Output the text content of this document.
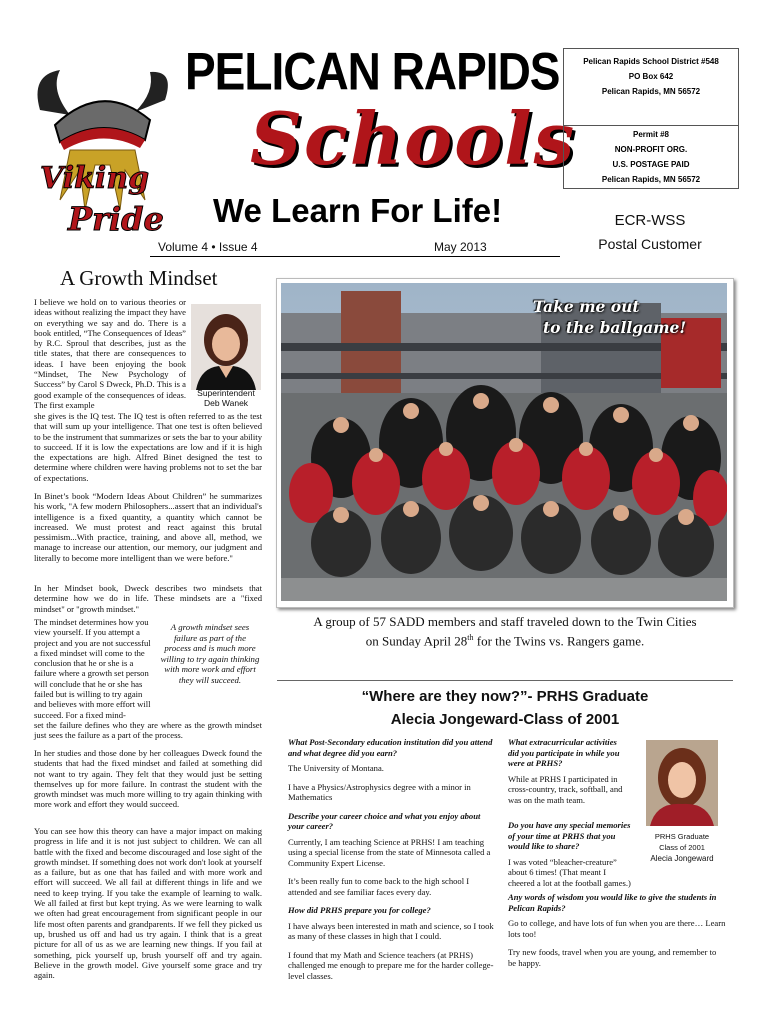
Viking
Pride
PELICAN RAPIDS
Schools
We Learn For Life!
Volume 4 • Issue 4	May 2013
Pelican Rapids School District #548
PO Box 642
Pelican Rapids, MN 56572
Permit #8
NON-PROFIT ORG.
U.S. POSTAGE PAID
Pelican Rapids, MN 56572
ECR-WSS
Postal Customer
A Growth Mindset
I believe we hold on to various theories or ideas without realizing the impact they have on everything we say and do. There is a book entitled, “The Consequences of Ideas” by R.C. Sproul that describes, just as the title states, that there are consequences to ideas. I have been enjoying the book “Mindset, The New Psychology of Success” by Carol S Dweck, Ph.D. This is a good example of the consequences of ideas. The first example
Superintendent
Deb Wanek
she gives is the IQ test. The IQ test is often referred to as the test that will sum up your intelligence. That one test is often believed to be the instrument that summarizes or sets the bar to your ability to succeed. If it is low the expectations are low and if it is high the expectations are high. Alfred Binet designed the test to determine where children were having problems not to set the bar of expectations.
In Binet’s book “Modern Ideas About Children” he summarizes his work, "A few modern Philosophers...assert that an individual's intelligence is a fixed quantity, a quantity which cannot be increased. We must protest and react against this brutal pessimism...With practice, training, and above all, method, we manage to increase our attention, our memory, our judgment and literally to become more intelligent than we were before."
In her Mindset book, Dweck describes two mindsets that determine how we do in life. These mindsets are a "fixed mindset" or "growth mindset."
The mindset determines how you view yourself. If you attempt a project and you are not successful a fixed mindset will come to the conclusion that he or she is a failure where a growth set person will conclude that he or she has failed but is willing to try again and believes with more effort will succeed. For a fixed mind-
A growth mindset sees failure as part of the process and is much more willing to try again thinking with more work and effort they will succeed.
set the failure defines who they are where as the growth mindset just sees the failure as a part of the process.
In her studies and those done by her colleagues Dweck found the students that had the fixed mindset and failed at something did not want to try again. They felt that they would just be setting themselves up for more failure. In contrast the student with the growth mindset was much more willing to try again thinking with more work and effort they would succeed.
You can see how this theory can have a major impact on making progress in life and it is not just subject to children. We can all battle with the fixed and become discouraged and lose sight of the growth mindset. If something does not work don't look at yourself as a failure, but as one that has failed and with more work and effort will succeed. We all fail at different things in life and we need to keep trying. If you take the example of learning to walk. We all failed at first but kept trying. As we were learning to walk we often had great encouragement from significant people in our life most often parents and grandparents. If we fell they picked us up, brushed us off and had us try again. I think that is a great picture for all of us as we are learning new things. If you fail at something, pick yourself up, brush yourself off and try again. Believe in the growth model. Give yourself some grace and try again.
Take me out
to the ballgame!
A group of 57 SADD members and staff traveled down to the Twin Cities
on Sunday April 28th for the Twins vs. Rangers game.
“Where are they now?”- PRHS Graduate
Alecia Jongeward-Class of 2001

What Post-Secondary education institution did you attend and what degree did you earn?

The University of Montana.

I have a Physics/Astrophysics degree with a minor in Mathematics

Describe your career choice and what you enjoy about your career?

Currently, I am teaching Science at PRHS! I am teaching using a special license from the state of Minnesota called a Community Expert License.

It’s been really fun to come back to the high school I attended and see familiar faces every day.

How did PRHS prepare you for college?

I have always been interested in math and science, so I took as many of these classes in high that I could.

I found that my Math and Science teachers (at PRHS) challenged me enough to prepare me for the harder college-level classes.

What extracurricular activities did you participate in while you were at PRHS?

While at PRHS I participated in cross-country, track, softball, and was on the math team.

Do you have any special memories of your time at PRHS that you would like to share?

I was voted “bleacher-creature” about 6 times! (That meant I cheered a lot at the football games.)

Any words of wisdom you would like to give the students in Pelican Rapids?

Go to college, and have lots of fun when you are there… Learn lots too!

Try new foods, travel when you are young, and remember to be happy.

PRHS Graduate
Class of 2001
Alecia Jongeward
